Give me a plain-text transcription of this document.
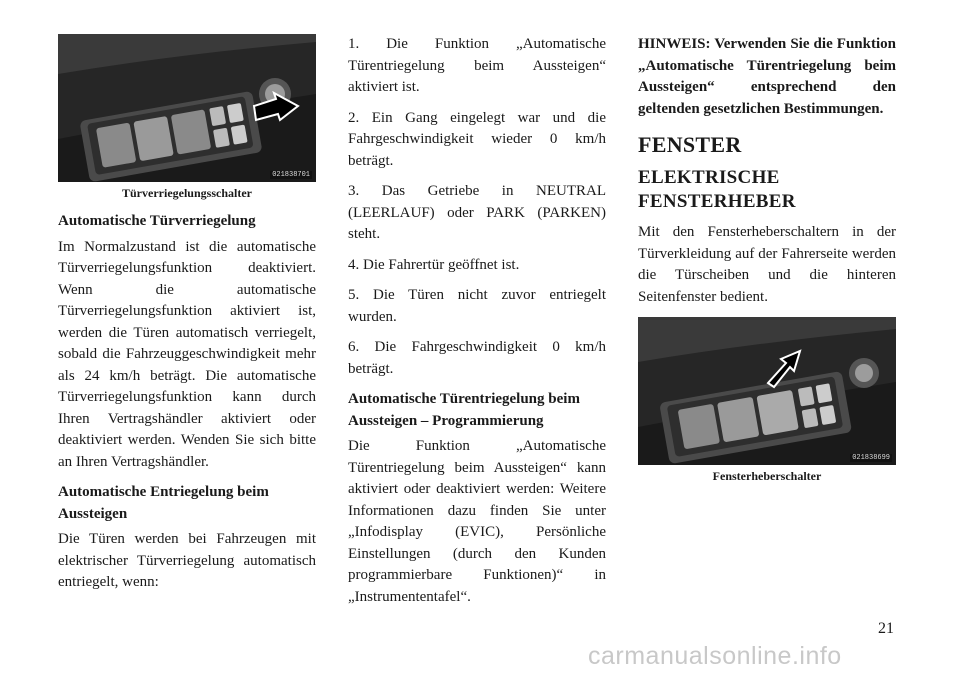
021838701
Türverriegelungsschalter
Automatische Türverriegelung

Im Normalzustand ist die automatische Türverriegelungsfunktion deaktiviert. Wenn die automatische Türverriegelungsfunktion aktiviert ist, werden die Türen automatisch verriegelt, sobald die Fahrzeuggeschwindigkeit mehr als 24 km/h beträgt. Die automatische Türverriegelungsfunktion kann durch Ihren Vertragshändler aktiviert oder deaktiviert werden. Wenden Sie sich bitte an Ihren Vertragshändler.

Automatische Entriegelung beim Aussteigen

Die Türen werden bei Fahrzeugen mit elektrischer Türverriegelung automatisch entriegelt, wenn:

1. Die Funktion „Automatische Türentriegelung beim Aussteigen“ aktiviert ist.

2. Ein Gang eingelegt war und die Fahrgeschwindigkeit wieder 0 km/h beträgt.

3. Das Getriebe in NEUTRAL (LEERLAUF) oder PARK (PARKEN) steht.

4. Die Fahrertür geöffnet ist.

5. Die Türen nicht zuvor entriegelt wurden.

6. Die Fahrgeschwindigkeit 0 km/h beträgt.

Automatische Türentriegelung beim Aussteigen – Programmierung

Die Funktion „Automatische Türentriegelung beim Aussteigen“ kann aktiviert oder deaktiviert werden: Weitere Informationen dazu finden Sie unter „Infodisplay (EVIC), Persönliche Einstellungen (durch den Kunden programmierbare Funktionen)“ in „Instrumententafel“.

HINWEIS: Verwenden Sie die Funktion „Automatische Türentriegelung beim Aussteigen“ entsprechend den geltenden gesetzlichen Bestimmungen.

FENSTER
ELEKTRISCHE FENSTERHEBER

Mit den Fensterheberschaltern in der Türverkleidung auf der Fahrerseite werden die Türscheiben und die hinteren Seitenfenster bedient.

021838699
Fensterheberschalter
21
carmanualsonline.info
